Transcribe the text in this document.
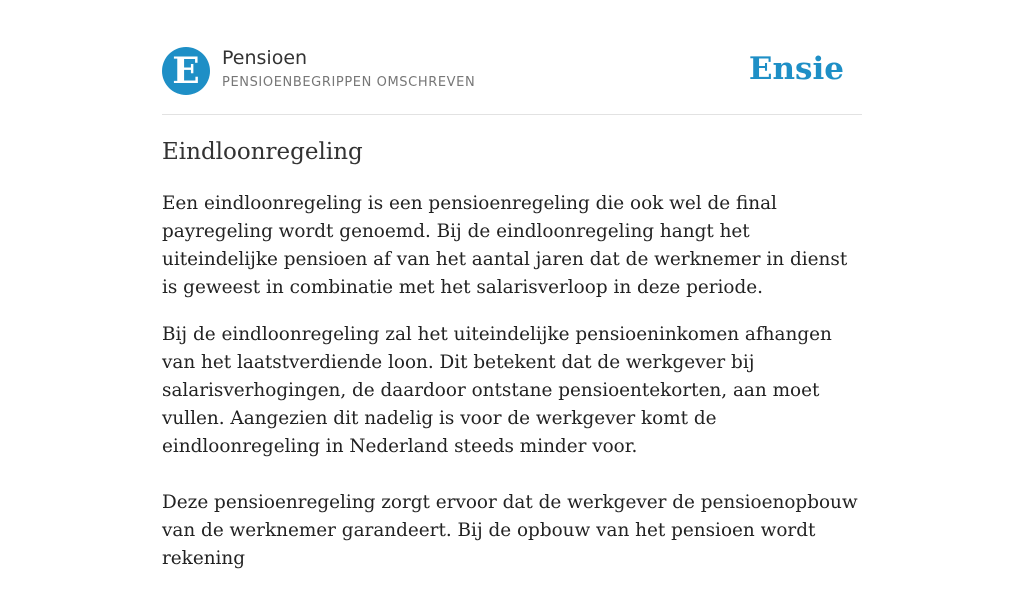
E	Pensioen
PENSIOENBEGRIPPEN OMSCHREVEN	Ensie
Eindloonregeling

Een eindloonregeling is een pensioenregeling die ook wel de final payregeling wordt genoemd. Bij de eindloonregeling hangt het uiteindelijke pensioen af van het aantal jaren dat de werknemer in dienst is geweest in combinatie met het salarisverloop in deze periode.

Bij de eindloonregeling zal het uiteindelijke pensioeninkomen afhangen van het laatstverdiende loon. Dit betekent dat de werkgever bij salarisverhogingen, de daardoor ontstane pensioentekorten, aan moet vullen. Aangezien dit nadelig is voor de werkgever komt de eindloonregeling in Nederland steeds minder voor.

Deze pensioenregeling zorgt ervoor dat de werkgever de pensioenopbouw van de werknemer garandeert. Bij de opbouw van het pensioen wordt rekening
